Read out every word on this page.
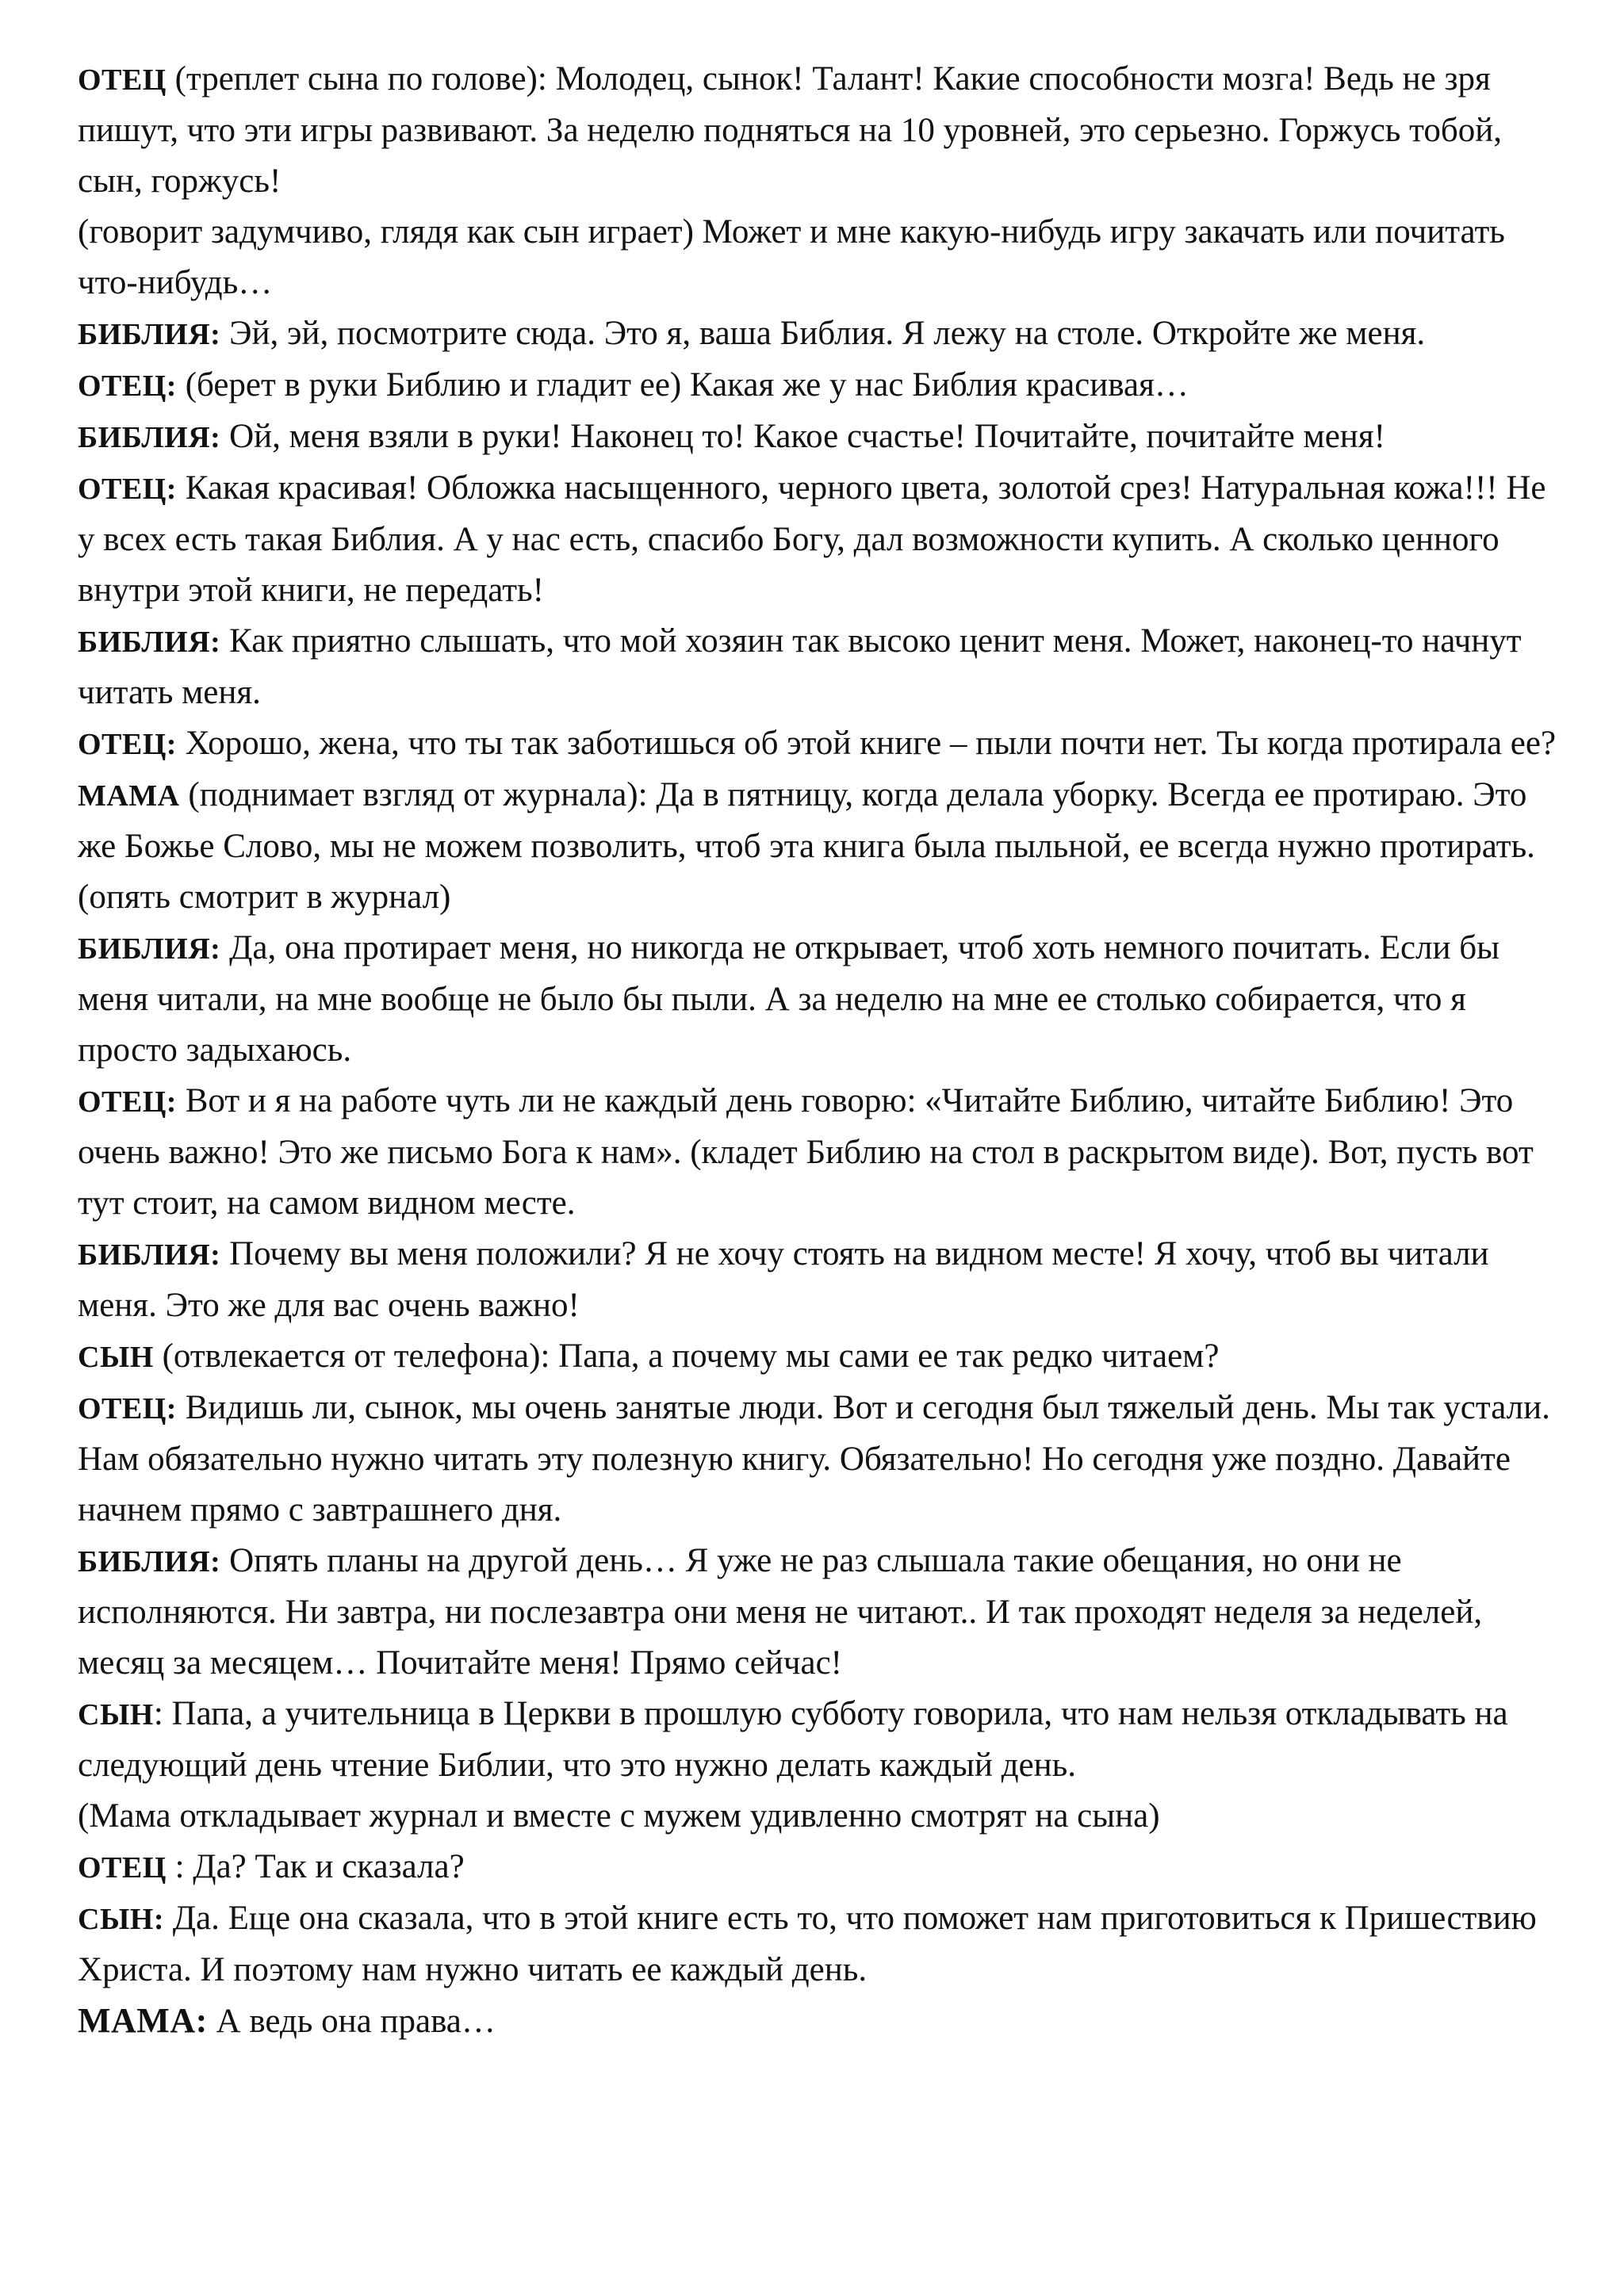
ОТЕЦ (треплет сына по голове): Молодец, сынок! Талант! Какие способности мозга! Ведь не зря пишут, что эти игры развивают. За неделю подняться на 10 уровней, это серьезно. Горжусь тобой, сын, горжусь!

(говорит задумчиво, глядя как сын играет) Может и мне какую-нибудь игру закачать или почитать что-нибудь…

БИБЛИЯ: Эй, эй, посмотрите сюда. Это я, ваша Библия. Я лежу на столе. Откройте же меня.

ОТЕЦ: (берет в руки Библию и гладит ее) Какая же у нас Библия красивая…

БИБЛИЯ: Ой, меня взяли в руки! Наконец то! Какое счастье! Почитайте, почитайте меня!

ОТЕЦ: Какая красивая! Обложка насыщенного, черного цвета, золотой срез! Натуральная кожа!!! Не у всех есть такая Библия. А у нас есть, спасибо Богу, дал возможности купить. А сколько ценного внутри этой книги, не передать!

БИБЛИЯ: Как приятно слышать, что мой хозяин так высоко ценит меня. Может, наконец-то начнут читать меня.

ОТЕЦ: Хорошо, жена, что ты так заботишься об этой книге – пыли почти нет. Ты когда протирала ее?

МАМА (поднимает взгляд от журнала): Да в пятницу, когда делала уборку. Всегда ее протираю. Это же Божье Слово, мы не можем позволить, чтоб эта книга была пыльной, ее всегда нужно протирать. (опять смотрит в журнал)

БИБЛИЯ: Да, она протирает меня, но никогда не открывает, чтоб хоть немного почитать. Если бы меня читали, на мне вообще не было бы пыли. А за неделю на мне ее столько собирается, что я просто задыхаюсь.

ОТЕЦ: Вот и я на работе чуть ли не каждый день говорю: «Читайте Библию, читайте Библию! Это очень важно! Это же письмо Бога к нам». (кладет Библию на стол в раскрытом виде). Вот, пусть вот тут стоит, на самом видном месте.

БИБЛИЯ: Почему вы меня положили? Я не хочу стоять на видном месте! Я хочу, чтоб вы читали меня. Это же для вас очень важно!

СЫН (отвлекается от телефона): Папа, а почему мы сами ее так редко читаем?

ОТЕЦ: Видишь ли, сынок, мы очень занятые люди. Вот и сегодня был тяжелый день. Мы так устали. Нам обязательно нужно читать эту полезную книгу. Обязательно! Но сегодня уже поздно. Давайте начнем прямо с завтрашнего дня.

БИБЛИЯ: Опять планы на другой день… Я уже не раз слышала такие обещания, но они не исполняются. Ни завтра, ни послезавтра они меня не читают.. И так проходят неделя за неделей, месяц за месяцем… Почитайте меня! Прямо сейчас!

СЫН: Папа, а учительница в Церкви в прошлую субботу говорила, что нам нельзя откладывать на следующий день чтение Библии, что это нужно делать каждый день.

(Мама откладывает журнал и вместе с мужем удивленно смотрят на сына)

ОТЕЦ : Да? Так и сказала?

СЫН: Да. Еще она сказала, что в этой книге есть то, что поможет нам приготовиться к Пришествию Христа. И поэтому нам нужно читать ее каждый день.

МАМА: А ведь она права…
